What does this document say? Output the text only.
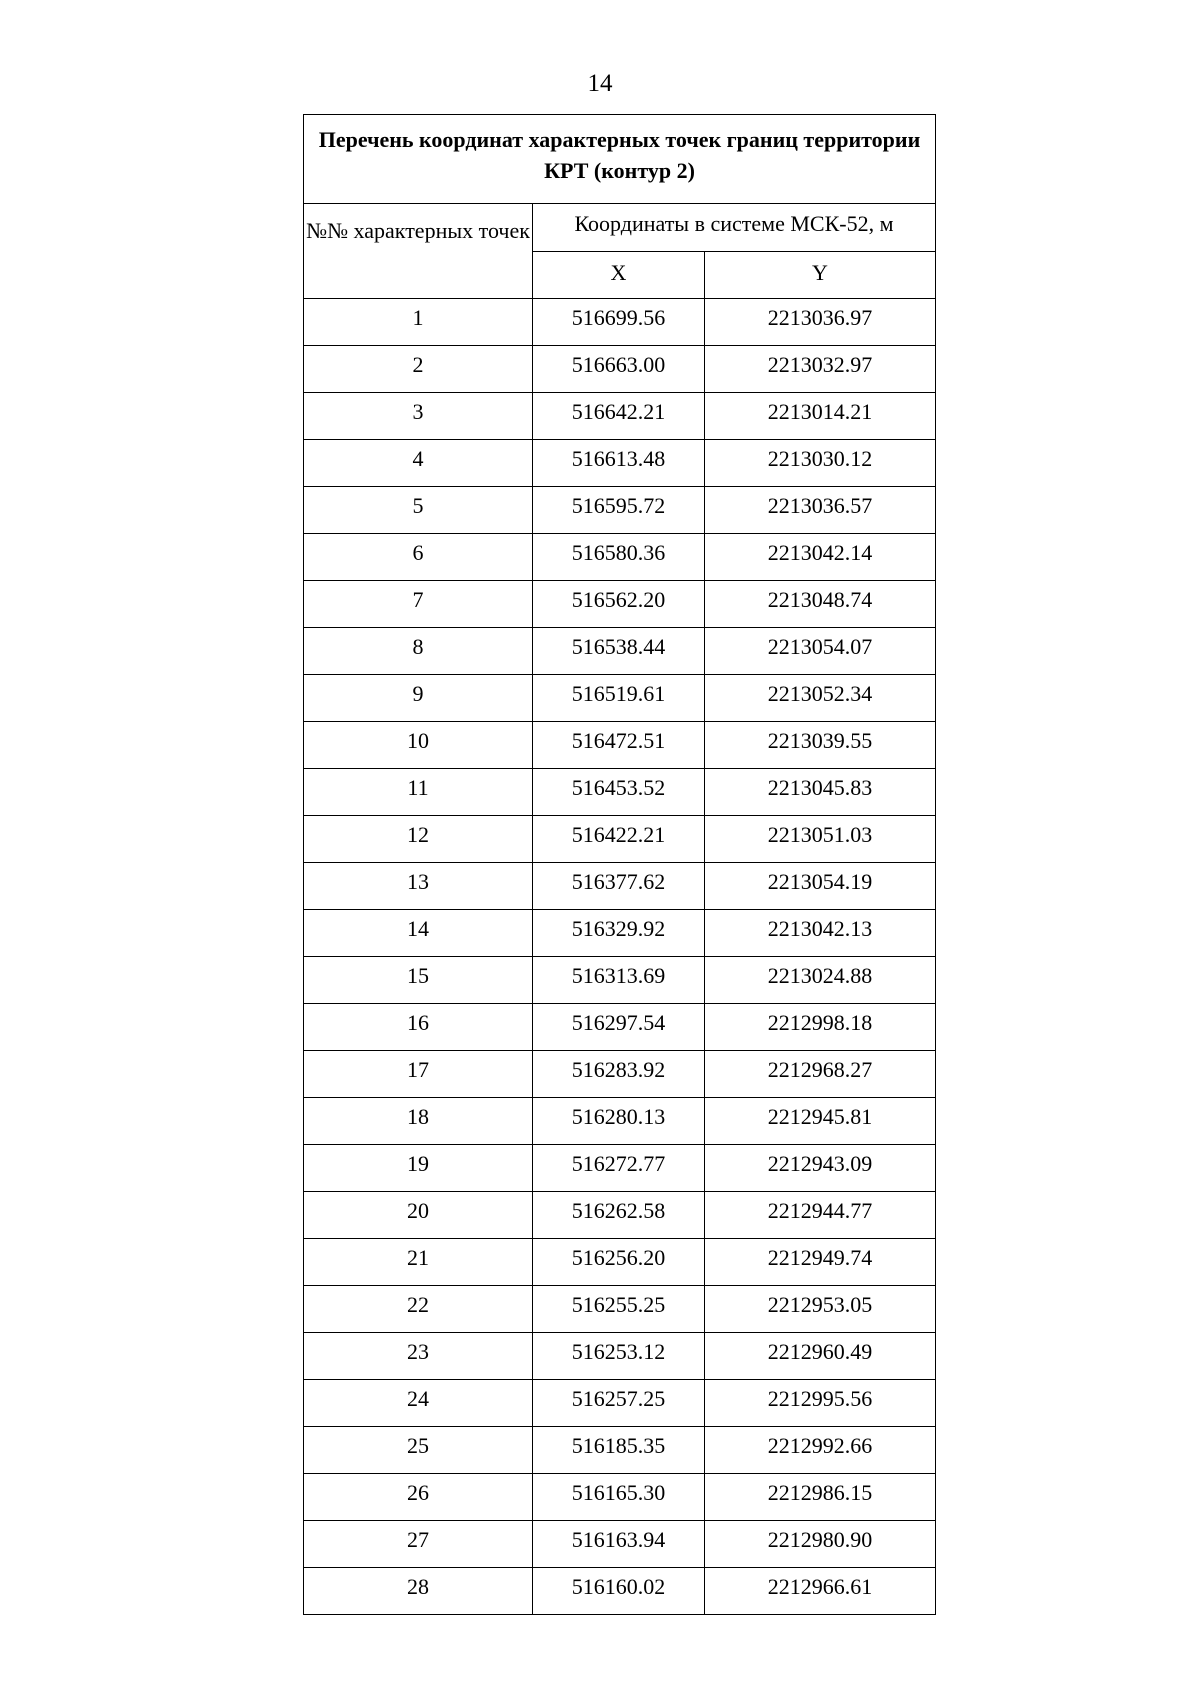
14
Перечень координат характерных точек границ территории КРТ (контур 2)		
№№ характерных точек	Координаты в системе МСК-52, м	
	X	Y
1	516699.56	2213036.97
2	516663.00	2213032.97
3	516642.21	2213014.21
4	516613.48	2213030.12
5	516595.72	2213036.57
6	516580.36	2213042.14
7	516562.20	2213048.74
8	516538.44	2213054.07
9	516519.61	2213052.34
10	516472.51	2213039.55
11	516453.52	2213045.83
12	516422.21	2213051.03
13	516377.62	2213054.19
14	516329.92	2213042.13
15	516313.69	2213024.88
16	516297.54	2212998.18
17	516283.92	2212968.27
18	516280.13	2212945.81
19	516272.77	2212943.09
20	516262.58	2212944.77
21	516256.20	2212949.74
22	516255.25	2212953.05
23	516253.12	2212960.49
24	516257.25	2212995.56
25	516185.35	2212992.66
26	516165.30	2212986.15
27	516163.94	2212980.90
28	516160.02	2212966.61
